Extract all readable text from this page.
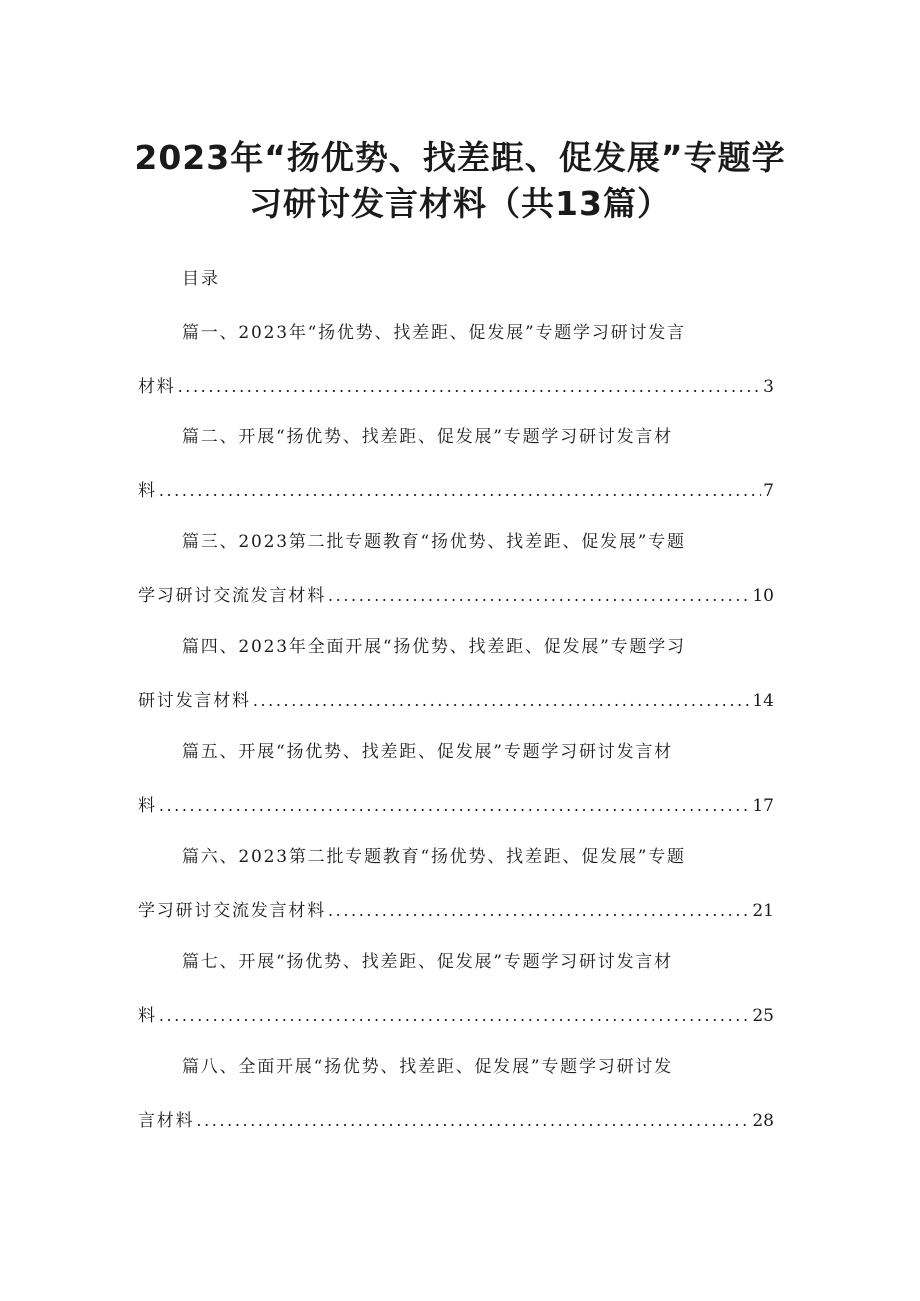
2023年“扬优势、找差距、促发展”专题学
习研讨发言材料（共13篇）
目录
篇一、2023年“扬优势、找差距、促发展”专题学习研讨发言
材料 .....	3
篇二、开展“扬优势、找差距、促发展”专题学习研讨发言材
料 .....	7
篇三、2023第二批专题教育“扬优势、找差距、促发展”专题
学习研讨交流发言材料 .....	10
篇四、2023年全面开展“扬优势、找差距、促发展”专题学习
研讨发言材料 .....	14
篇五、开展“扬优势、找差距、促发展”专题学习研讨发言材
料 .....	17
篇六、2023第二批专题教育“扬优势、找差距、促发展”专题
学习研讨交流发言材料 .....	21
篇七、开展“扬优势、找差距、促发展”专题学习研讨发言材
料 .....	25
篇八、全面开展“扬优势、找差距、促发展”专题学习研讨发
言材料 .....	28
